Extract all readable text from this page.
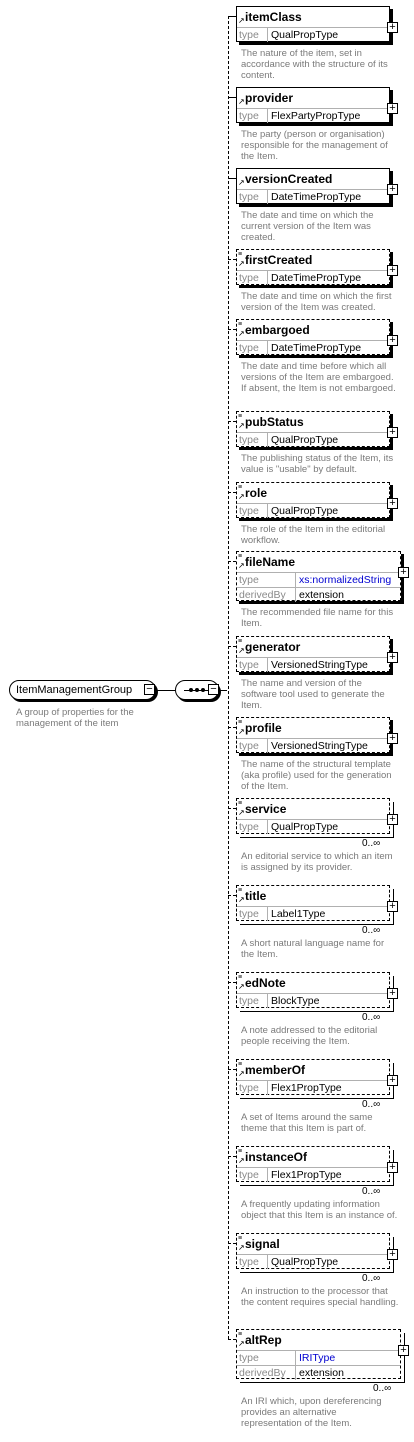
ItemManagementGroup −
A group of properties for the management of the item
−
itemClass
↗
type	QualPropType
+
The nature of the item, set in accordance with the structure of its content.
provider
↗
type	FlexPartyPropType
+
The party (person or organisation) responsible for the management of the Item.
versionCreated
↗
type	DateTimePropType
+
The date and time on which the current version of the Item was created.
firstCreated
↗
≡
type	DateTimePropType
+
The date and time on which the first version of the Item was created.
embargoed
↗
≡
type	DateTimePropType
+
The date and time before which all versions of the Item are embargoed. If absent, the Item is not embargoed.
pubStatus
↗
≡
type	QualPropType
+
The publishing status of the Item, its value is "usable" by default.
role
↗
≡
type	QualPropType
+
The role of the Item in the editorial workflow.
fileName
↗
≡
type	xs:normalizedString
derivedBy	extension
+
The recommended file name for this Item.
generator
↗
≡
type	VersionedStringType
+
The name and version of the software tool used to generate the Item.
profile
↗
≡
type	VersionedStringType
+
The name of the structural template (aka profile) used for the generation of the Item.
service
↗
≡
type	QualPropType
+
0..∞
An editorial service to which an item is assigned by its provider.
title
↗
≡
type	Label1Type
+
0..∞
A short natural language name for the Item.
edNote
↗
≡
type	BlockType
+
0..∞
A note addressed to the editorial people receiving the Item.
memberOf
↗
≡
type	Flex1PropType
+
0..∞
A set of Items around the same theme that this Item is part of.
instanceOf
↗
≡
type	Flex1PropType
+
0..∞
A frequently updating information object that this Item is an instance of.
signal
↗
≡
type	QualPropType
+
0..∞
An instruction to the processor that the content requires special handling.
altRep
↗
≡
type	IRIType
derivedBy	extension
+
0..∞
An IRI which, upon dereferencing provides an alternative representation of the Item.
